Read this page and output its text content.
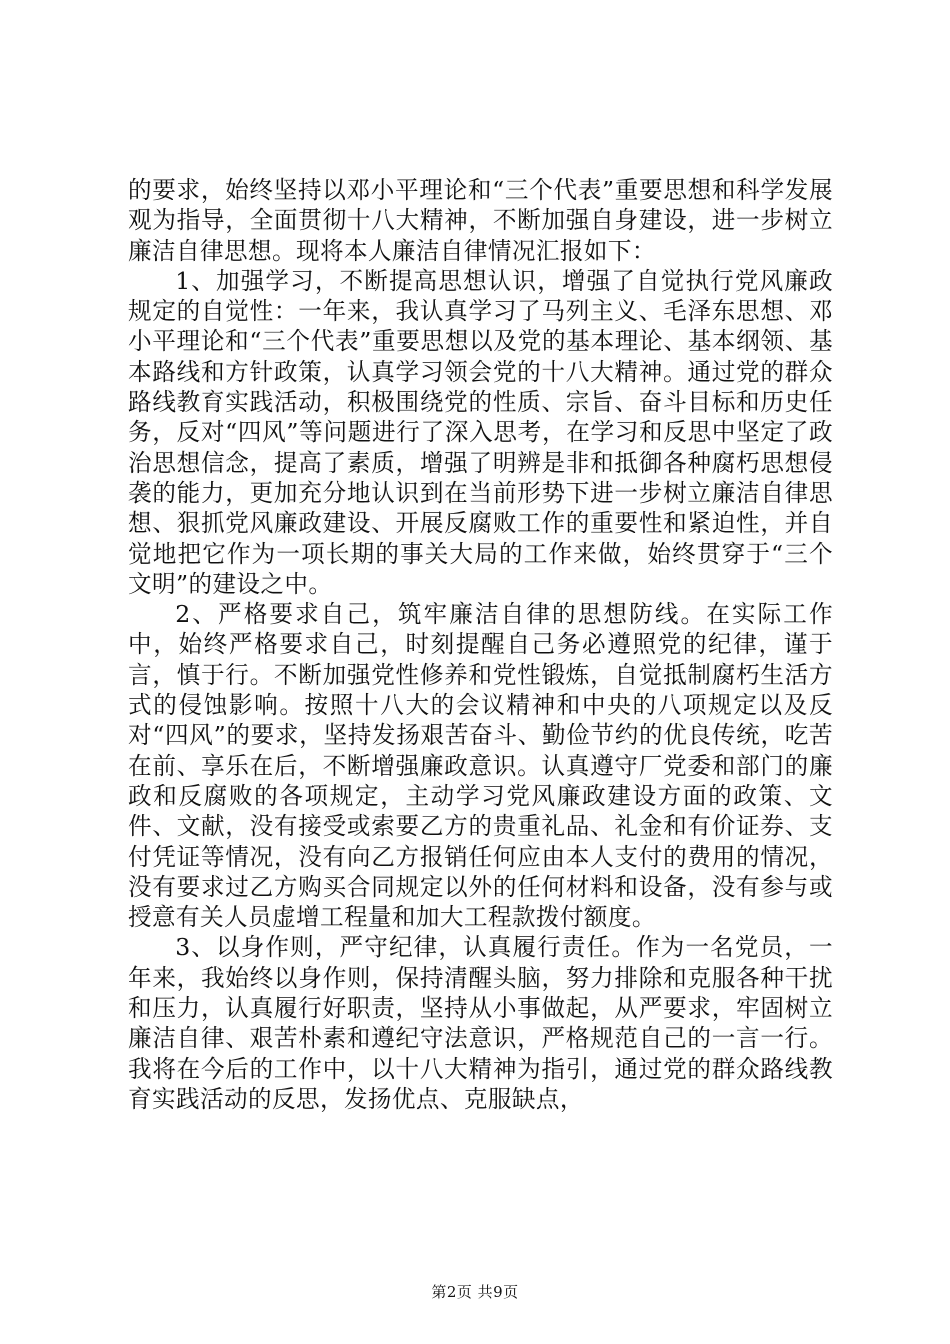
的要求，始终坚持以邓小平理论和“三个代表”重要思想和科学发展观为指导，全面贯彻十八大精神，不断加强自身建设，进一步树立廉洁自律思想。现将本人廉洁自律情况汇报如下：

1、加强学习，不断提高思想认识，增强了自觉执行党风廉政规定的自觉性：一年来，我认真学习了马列主义、毛泽东思想、邓小平理论和“三个代表”重要思想以及党的基本理论、基本纲领、基本路线和方针政策，认真学习领会党的十八大精神。通过党的群众路线教育实践活动，积极围绕党的性质、宗旨、奋斗目标和历史任务，反对“四风”等问题进行了深入思考，在学习和反思中坚定了政治思想信念，提高了素质，增强了明辨是非和抵御各种腐朽思想侵袭的能力，更加充分地认识到在当前形势下进一步树立廉洁自律思想、狠抓党风廉政建设、开展反腐败工作的重要性和紧迫性，并自觉地把它作为一项长期的事关大局的工作来做，始终贯穿于“三个文明”的建设之中。

2、严格要求自己，筑牢廉洁自律的思想防线。在实际工作中，始终严格要求自己，时刻提醒自己务必遵照党的纪律，谨于言，慎于行。不断加强党性修养和党性锻炼，自觉抵制腐朽生活方式的侵蚀影响。按照十八大的会议精神和中央的八项规定以及反对“四风”的要求，坚持发扬艰苦奋斗、勤俭节约的优良传统，吃苦在前、享乐在后，不断增强廉政意识。认真遵守厂党委和部门的廉政和反腐败的各项规定，主动学习党风廉政建设方面的政策、文件、文献，没有接受或索要乙方的贵重礼品、礼金和有价证券、支付凭证等情况，没有向乙方报销任何应由本人支付的费用的情况，没有要求过乙方购买合同规定以外的任何材料和设备，没有参与或授意有关人员虚增工程量和加大工程款拨付额度。

3、以身作则，严守纪律，认真履行责任。作为一名党员，一年来，我始终以身作则，保持清醒头脑，努力排除和克服各种干扰和压力，认真履行好职责，坚持从小事做起，从严要求，牢固树立廉洁自律、艰苦朴素和遵纪守法意识，严格规范自己的一言一行。我将在今后的工作中，以十八大精神为指引，通过党的群众路线教育实践活动的反思，发扬优点、克服缺点，

第2页 共9页
